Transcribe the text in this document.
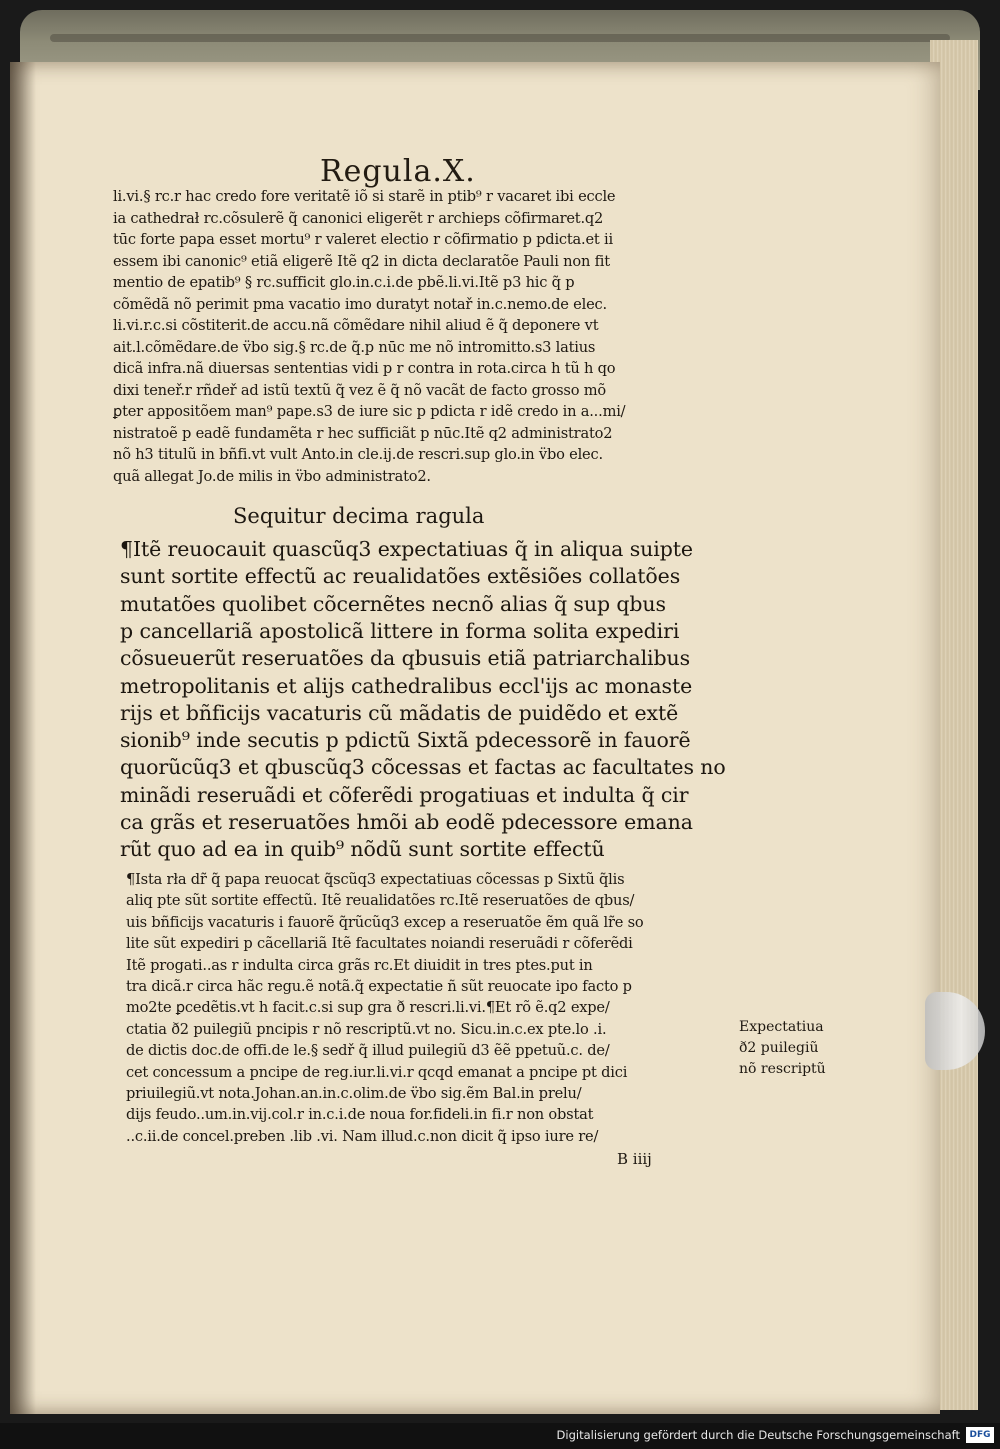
Regula.X.
li.vi.§ rc.r hac credo fore veritatẽ iõ si starẽ in ptib⁹ r vacaret ibi eccle
ia cathedrał rc.cõsulerẽ q̃ canonici eligerẽt r archieps cõfirmaret.q2
tūc forte papa esset mortu⁹ r valeret electio r cõfirmatio p pdicta.et ii
essem ibi canonic⁹ etiã eligerẽ Itẽ q2 in dicta declaratõe Pauli non fit
mentio de epatib⁹ § rc.sufficit glo.in.c.i.de pbẽ.li.vi.Itẽ p3 hic q̃ p
cõmẽdã nõ perimit pma vacatio imo duratyt notař in.c.nemo.de elec.
li.vi.r.c.si cõstiterit.de accu.nã cõmẽdare nihil aliud ẽ q̃ deponere vt
ait.l.cõmẽdare.de v̈bo sig.§ rc.de q̃.p nūc me nõ intromitto.s3 latius
dicã infra.nã diuersas sententias vidi p r contra in rota.circa h tũ h qo
dixi teneř.r rñdeř ad istũ textũ q̃ vez ẽ q̃ nõ vacãt de facto grosso mõ
ꝑter appositõem man⁹ pape.s3 de iure sic p pdicta r idẽ credo in a...mi/
nistratoẽ p eadẽ fundamẽta r hec sufficiãt p nūc.Itẽ q2 administrato2
nõ h3 titulũ in bñfi.vt vult Anto.in cle.ij.de rescri.sup glo.in v̈bo elec.
quã allegat Jo.de milis in v̈bo administrato2.
Sequitur decima ragula
¶Itẽ reuocauit quascũq3 expectatiuas q̃ in aliqua suipte
sunt sortite effectũ ac reualidatões extẽsiões collatões
mutatões quolibet cõcernẽtes necnõ alias q̃ sup qbus
p cancellariã apostolicã littere in forma solita expediri
cõsueuerũt reseruatões da qbusuis etiã patriarchalibus
metropolitanis et alijs cathedralibus eccl'ijs ac monaste
rijs et bñficijs vacaturis cũ mãdatis de puidẽdo et extẽ
sionib⁹ inde secutis p pdictũ Sixtã pdecessorẽ in fauorẽ
quorũcũq3 et qbuscũq3 cõcessas et factas ac facultates no
minãdi reseruãdi et cõferẽdi progatiuas et indulta q̃ cir
ca grãs et reseruatões hmõi ab eodẽ pdecessore emana
rũt quo ad ea in quib⁹ nõdũ sunt sortite effectũ
¶Ista rła dr̃ q̃ papa reuocat q̃scũq3 expectatiuas cõcessas p Sixtũ q̃lis
aliq pte sũt sortite effectũ. Itẽ reualidatões rc.Itẽ reseruatões de qbus/
uis bñficijs vacaturis i fauorẽ q̃rũcũq3 excep a reseruatõe ẽm quã lr̃e so
lite sũt expediri p cãcellariã Itẽ facultates noiandi reseruãdi r cõferẽdi
Itẽ progati..as r indulta circa grãs rc.Et diuidit in tres ptes.put in
tra dicã.r circa hãc regu.ẽ notã.q̃ expectatie ñ sũt reuocate ipo facto p
mo2te ꝑcedẽtis.vt h facit.c.si sup gra ð rescri.li.vi.¶Et rõ ẽ.q2 expe/
ctatia ð2 puilegiũ pncipis r nõ rescriptũ.vt no. Sicu.in.c.ex pte.lo .i.
de dictis doc.de offi.de le.§ sedř q̃ illud puilegiũ d3 ẽẽ ppetuũ.c. de/
cet concessum a pncipe de reg.iur.li.vi.r qcqd emanat a pncipe pt dici
priuilegiũ.vt nota.Johan.an.in.c.olim.de v̈bo sig.ẽm Bal.in prelu/
dijs feudo..um.in.vij.col.r in.c.i.de noua for.fideli.in fi.r non obstat
..c.ii.de concel.preben .lib .vi. Nam illud.c.non dicit q̃ ipso iure re/
Expectatiua
ð2 puilegiũ
nõ rescriptũ
B iiij
Digitalisierung gefördert durch die Deutsche Forschungsgemeinschaft	DFG
